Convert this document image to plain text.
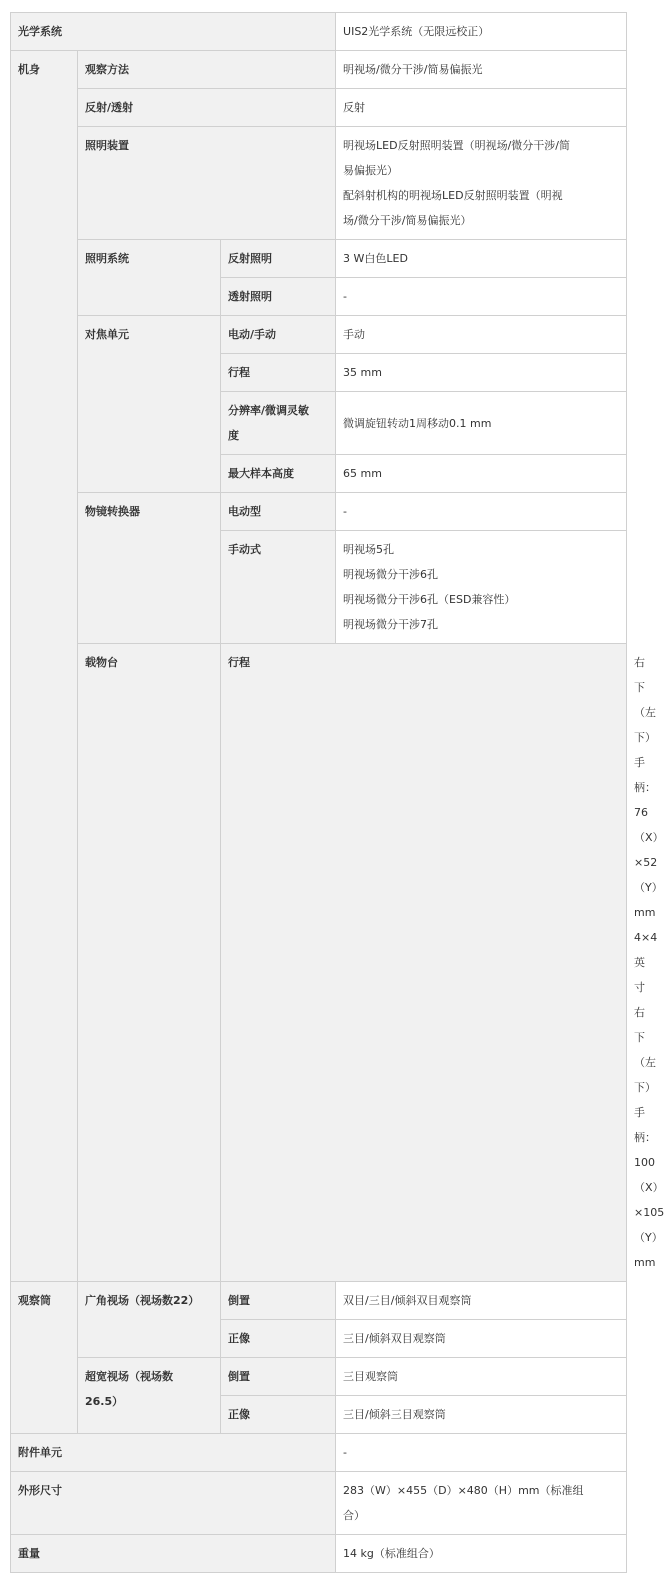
光学系统			UIS2光学系统（无限远校正）	
机身	观察方法		明视场/微分干涉/简易偏振光	
	反射/透射		反射	
	照明装置		明视场LED反射照明装置（明视场/微分干涉/简
易偏振光）
配斜射机构的明视场LED反射照明装置（明视
场/微分干涉/简易偏振光）	

	照明系统	反射照明	3 W白色LED	
		透射照明	-	
	对焦单元	电动/手动	手动	
		行程	35 mm	

		分辨率/微调灵敏
度	微调旋钮转动1周移动0.1 mm	
		最大样本高度	65 mm	
	物镜转换器	电动型	-	
		手动式	明视场5孔
明视场微分干涉6孔
明视场微分干涉6孔（ESD兼容性）
明视场微分干涉7孔	

	载物台	行程		右下（左下）手柄：76（X）×52（Y）mm
4×4 英寸右下（左下）手柄：100（X）×105
（Y）mm

观察筒	广角视场（视场数22）	倒置	双目/三目/倾斜双目观察筒	
		正像	三目/倾斜双目观察筒	

	超宽视场（视场数
26.5）	倒置	三目观察筒	
		正像	三目/倾斜三目观察筒	
附件单元			-	
外形尺寸			283（W）×455（D）×480（H）mm（标准组
合）	

重量			14 kg（标准组合）	
